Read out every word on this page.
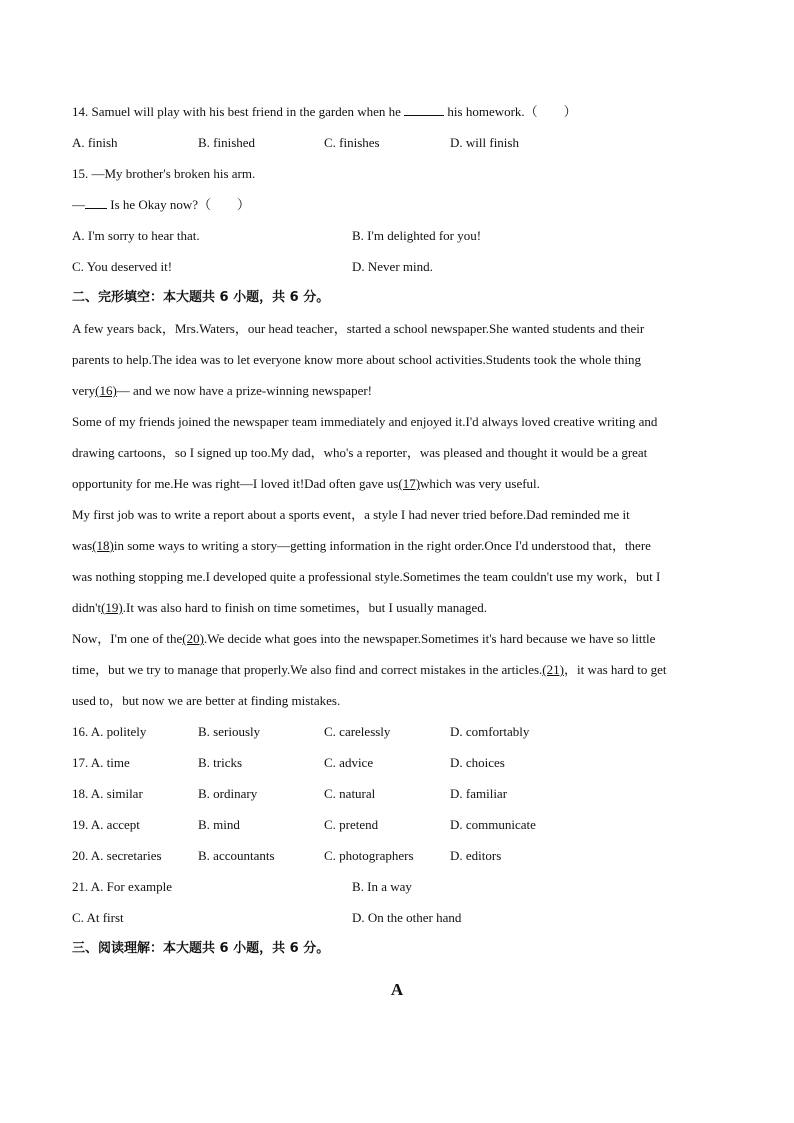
14. Samuel will play with his best friend in the garden when he	his homework.（　　）
A. finish	B. finished	C. finishes	D. will finish
15. —My brother's broken his arm.
— Is he Okay now?（　　）
A. I'm sorry to hear that.	B. I'm delighted for you!
C. You deserved it!	D. Never mind.
二、完形填空：本大题共 6 小题，共 6 分。
A few years back，Mrs.Waters，our head teacher，started a school newspaper.She wanted students and their
parents to help.The idea was to let everyone know more about school activities.Students took the whole thing
very(16)— and we now have a prize-winning newspaper!
Some of my friends joined the newspaper team immediately and enjoyed it.I'd always loved creative writing and
drawing cartoons，so I signed up too.My dad，who's a reporter，was pleased and thought it would be a great
opportunity for me.He was right—I loved it!Dad often gave us(17)which was very useful.
My first job was to write a report about a sports event，a style I had never tried before.Dad reminded me it
was(18)in some ways to writing a story—getting information in the right order.Once I'd understood that，there
was nothing stopping me.I developed quite a professional style.Sometimes the team couldn't use my work，but I
didn't(19).It was also hard to finish on time sometimes，but I usually managed.
Now，I'm one of the(20).We decide what goes into the newspaper.Sometimes it's hard because we have so little
time，but we try to manage that properly.We also find and correct mistakes in the articles.(21)，it was hard to get
used to，but now we are better at finding mistakes.
16. A. politely	B. seriously	C. carelessly	D. comfortably
17. A. time	B. tricks	C. advice	D. choices
18. A. similar	B. ordinary	C. natural	D. familiar
19. A. accept	B. mind	C. pretend	D. communicate
20. A. secretaries	B. accountants	C. photographers	D. editors
21. A. For example	B. In a way
C. At first	D. On the other hand
三、阅读理解：本大题共 6 小题，共 6 分。
A
